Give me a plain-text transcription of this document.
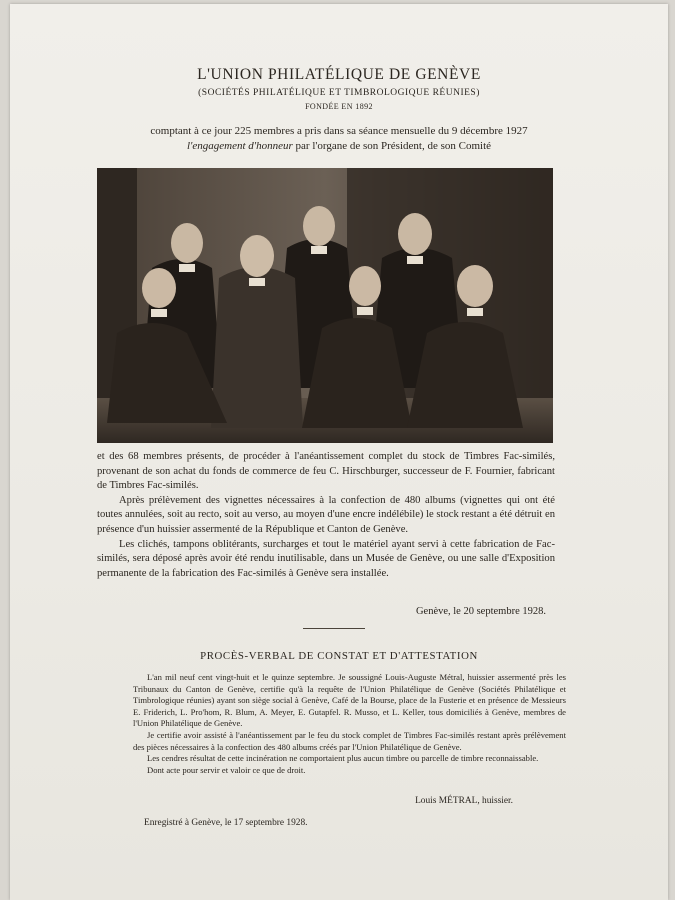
L'UNION PHILATÉLIQUE DE GENÈVE
(SOCIÉTÉS PHILATÉLIQUE ET TIMBROLOGIQUE RÉUNIES)
FONDÉE EN 1892
comptant à ce jour 225 membres a pris dans sa séance mensuelle du 9 décembre 1927
l'engagement d'honneur par l'organe de son Président, de son Comité

et des 68 membres présents, de procéder à l'anéantissement complet du stock de Timbres Fac-similés, provenant de son achat du fonds de commerce de feu C. Hirschburger, successeur de F. Fournier, fabricant de Timbres Fac-similés.

Après prélèvement des vignettes nécessaires à la confection de 480 albums (vignettes qui ont été toutes annulées, soit au recto, soit au verso, au moyen d'une encre indélébile) le stock restant a été détruit en présence d'un huissier assermenté de la République et Canton de Genève.

Les clichés, tampons oblitérants, surcharges et tout le matériel ayant servi à cette fabrication de Fac-similés, sera déposé après avoir été rendu inutilisable, dans un Musée de Genève, ou une salle d'Exposition permanente de la fabrication des Fac-similés à Genève sera installée.

Genève, le 20 septembre 1928.
PROCÈS-VERBAL DE CONSTAT ET D'ATTESTATION

L'an mil neuf cent vingt-huit et le quinze septembre. Je soussigné Louis-Auguste Métral, huissier assermenté près les Tribunaux du Canton de Genève, certifie qu'à la requête de l'Union Philatélique de Genève (Sociétés Philatélique et Timbrologique réunies) ayant son siège social à Genève, Café de la Bourse, place de la Fusterie et en présence de Messieurs E. Friderich, L. Pro'hom, R. Blum, A. Meyer, E. Gutapfel. R. Musso, et L. Keller, tous domiciliés à Genève, membres de l'Union Philatélique de Genève.

Je certifie avoir assisté à l'anéantissement par le feu du stock complet de Timbres Fac-similés restant après prélèvement des pièces nécessaires à la confection des 480 albums créés par l'Union Philatélique de Genève.

Les cendres résultat de cette incinération ne comportaient plus aucun timbre ou parcelle de timbre reconnaissable.

Dont acte pour servir et valoir ce que de droit.

Louis MÉTRAL, huissier.
Enregistré à Genève, le 17 septembre 1928.
